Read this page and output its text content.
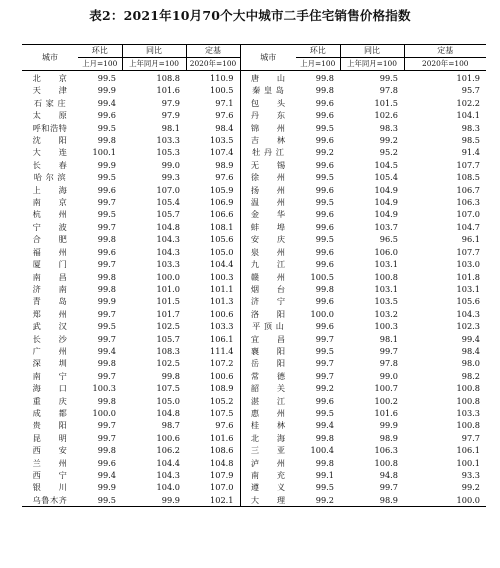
表2：2021年10月70个大中城市二手住宅销售价格指数
城市	环比	同比	定基	城市	环比	同比	定基
	上月=100	上年同月=100	2020年=100		上月=100	上年同月=100	2020年=100
北　　京	99.5	108.8	110.9	唐　　山	99.8	99.5	101.9
天　　津	99.9	101.6	100.5	秦 皇 岛	99.8	97.8	95.7
石 家 庄	99.4	97.9	97.1	包　　头	99.6	101.5	102.2
太　　原	99.6	97.9	97.6	丹　　东	99.6	102.6	104.1
呼和浩特	99.5	98.1	98.4	锦　　州	99.5	98.3	98.3
沈　　阳	99.8	103.3	103.5	吉　　林	99.6	99.2	98.5
大　　连	100.1	105.3	107.4	牡 丹 江	99.2	95.2	91.4
长　　春	99.9	99.0	98.9	无　　锡	99.6	104.5	107.7
哈 尔 滨	99.5	99.3	97.6	徐　　州	99.5	105.4	108.5
上　　海	99.6	107.0	105.9	扬　　州	99.6	104.9	106.7
南　　京	99.7	105.4	106.9	温　　州	99.5	104.9	106.3
杭　　州	99.5	105.7	106.6	金　　华	99.6	104.9	107.0
宁　　波	99.7	104.8	108.1	蚌　　埠	99.6	103.7	104.7
合　　肥	99.8	104.3	105.6	安　　庆	99.5	96.5	96.1
福　　州	99.6	104.3	105.0	泉　　州	99.6	106.0	107.7
厦　　门	99.7	103.3	104.4	九　　江	99.6	103.1	103.0
南　　昌	99.8	100.0	100.3	赣　　州	100.5	100.8	101.8
济　　南	99.8	101.0	101.1	烟　　台	99.8	103.1	103.1
青　　岛	99.9	101.5	101.3	济　　宁	99.6	103.5	105.6
郑　　州	99.7	101.7	100.6	洛　　阳	100.0	103.2	104.3
武　　汉	99.5	102.5	103.3	平 顶 山	99.6	100.3	102.3
长　　沙	99.7	105.7	106.1	宜　　昌	99.7	98.1	99.4
广　　州	99.4	108.3	111.4	襄　　阳	99.5	99.7	98.4
深　　圳	99.8	102.5	107.2	岳　　阳	99.7	97.8	98.0
南　　宁	99.7	99.8	100.6	常　　德	99.7	99.0	98.2
海　　口	100.3	107.5	108.9	韶　　关	99.2	100.7	100.8
重　　庆	99.8	105.0	105.2	湛　　江	99.6	100.2	100.8
成　　都	100.0	104.8	107.5	惠　　州	99.5	101.6	103.3
贵　　阳	99.7	98.7	97.6	桂　　林	99.4	99.9	100.8
昆　　明	99.7	100.6	101.6	北　　海	99.8	98.9	97.7
西　　安	99.8	106.2	108.6	三　　亚	100.4	106.3	106.1
兰　　州	99.6	104.4	104.8	泸　　州	99.8	100.8	100.1
西　　宁	99.4	104.3	107.9	南　　充	99.1	94.8	93.3
银　　川	99.9	104.0	107.0	遵　　义	99.5	99.7	99.2
乌鲁木齐	99.5	99.9	102.1	大　　理	99.2	98.9	100.0
